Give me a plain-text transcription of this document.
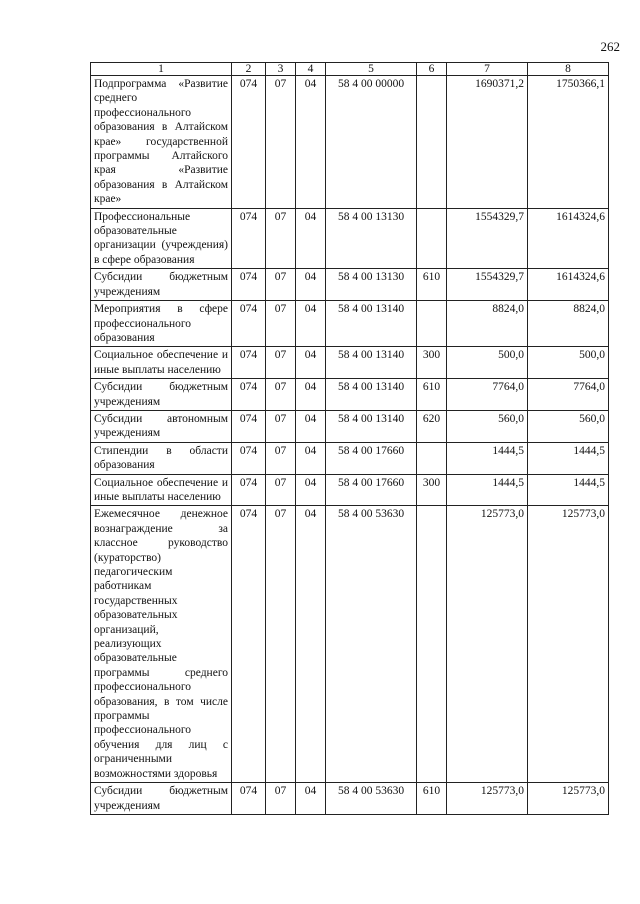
262
1	2	3	4	5	6	7	8
Подпрограмма «Развитие среднего профессионального образования в Алтайском крае» государственной программы Алтайского края «Развитие образования в Алтайском крае»	074	07	04	58 4 00 00000		1690371,2	1750366,1
Профессиональные образовательные организации (учреждения) в сфере образования	074	07	04	58 4 00 13130		1554329,7	1614324,6
Субсидии бюджетным учреждениям	074	07	04	58 4 00 13130	610	1554329,7	1614324,6
Мероприятия в сфере профессионального образования	074	07	04	58 4 00 13140		8824,0	8824,0
Социальное обеспечение и иные выплаты населению	074	07	04	58 4 00 13140	300	500,0	500,0
Субсидии бюджетным учреждениям	074	07	04	58 4 00 13140	610	7764,0	7764,0
Субсидии автономным учреждениям	074	07	04	58 4 00 13140	620	560,0	560,0
Стипендии в области образования	074	07	04	58 4 00 17660		1444,5	1444,5
Социальное обеспечение и иные выплаты населению	074	07	04	58 4 00 17660	300	1444,5	1444,5
Ежемесячное денежное вознаграждение за классное руководство (кураторство) педагогическим работникам государственных образовательных организаций, реализующих образовательные программы среднего профессионального образования, в том числе программы профессионального обучения для лиц с ограниченными возможностями здоровья	074	07	04	58 4 00 53630		125773,0	125773,0
Субсидии бюджетным учреждениям	074	07	04	58 4 00 53630	610	125773,0	125773,0
